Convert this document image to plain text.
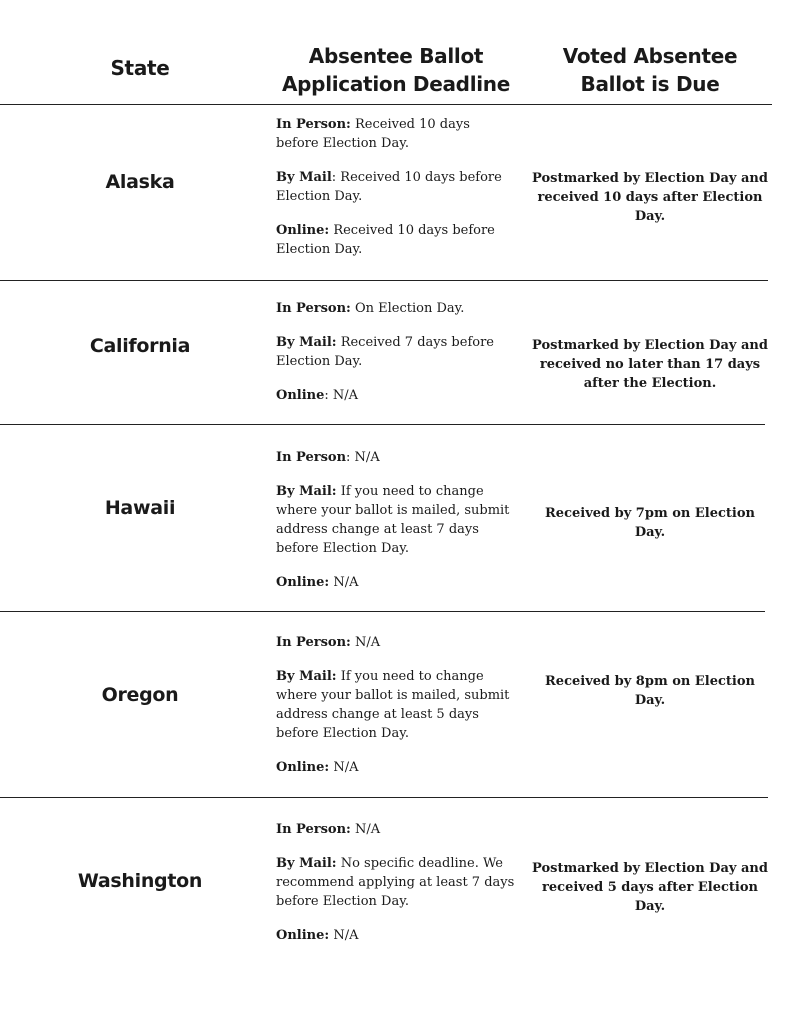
State	Absentee Ballot
Application Deadline
Voted Absentee
Ballot is Due
Alaska

In Person: Received 10 days before Election Day.

By Mail: Received 10 days before Election Day.

Online: Received 10 days before Election Day.

Postmarked by Election Day and received 10 days after Election Day.
California

In Person: On Election Day.

By Mail: Received 7 days before Election Day.

Online: N/A

Postmarked by Election Day and received no later than 17 days after the Election.
Hawaii

In Person: N/A

By Mail: If you need to change where your ballot is mailed, submit address change at least 7 days before Election Day.

Online: N/A

Received by 7pm on Election Day.
Oregon

In Person: N/A

By Mail: If you need to change where your ballot is mailed, submit address change at least 5 days before Election Day.

Online: N/A

Received by 8pm on Election Day.
Washington

In Person: N/A

By Mail: No specific deadline. We recommend applying at least 7 days before Election Day.

Online: N/A

Postmarked by Election Day and received 5 days after Election Day.
